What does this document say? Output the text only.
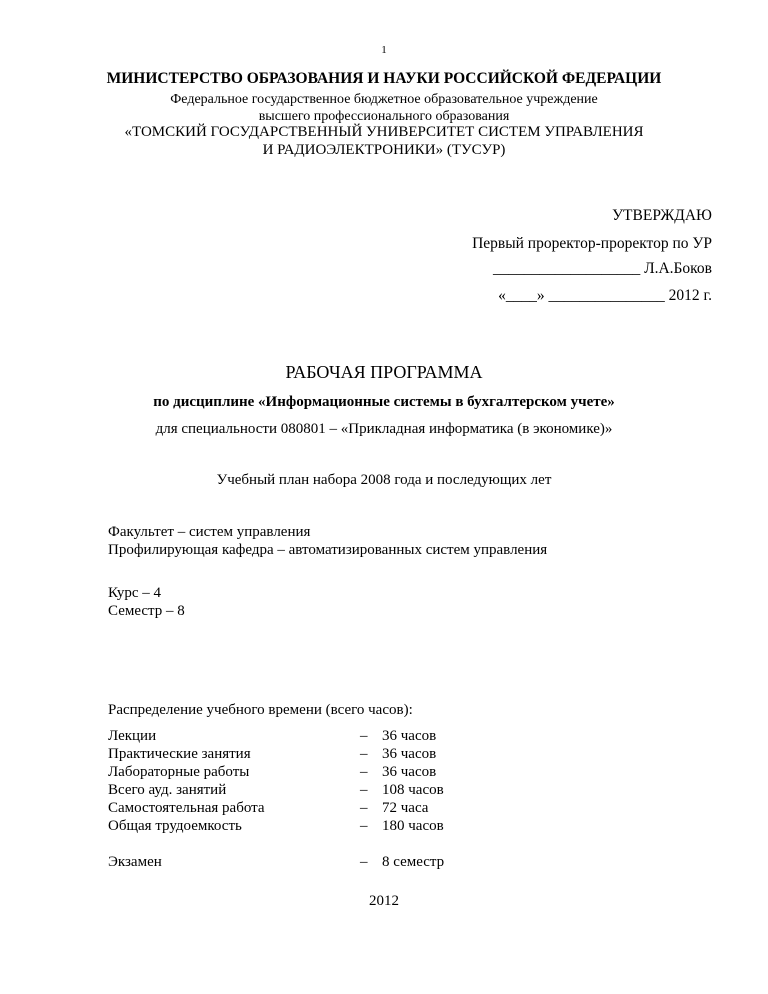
1
МИНИСТЕРСТВО ОБРАЗОВАНИЯ И НАУКИ РОССИЙСКОЙ ФЕДЕРАЦИИ
Федеральное государственное бюджетное образовательное учреждение
высшего профессионального образования
«ТОМСКИЙ ГОСУДАРСТВЕННЫЙ УНИВЕРСИТЕТ СИСТЕМ УПРАВЛЕНИЯ
И РАДИОЭЛЕКТРОНИКИ» (ТУСУР)
УТВЕРЖДАЮ
Первый проректор-проректор по УР
___________________ Л.А.Боков
«____» _______________ 2012 г.
РАБОЧАЯ ПРОГРАММА
по дисциплине «Информационные системы в бухгалтерском учете»
для специальности 080801 – «Прикладная информатика (в экономике)»
Учебный план набора 2008 года и последующих лет
Факультет – систем управления
Профилирующая кафедра – автоматизированных систем управления
Курс – 4
Семестр – 8
Распределение учебного времени (всего часов):
Лекции	– 36 часов
Практические занятия	– 36 часов
Лабораторные работы	– 36 часов
Всего ауд. занятий	– 108 часов
Самостоятельная работа	– 72 часа
Общая трудоемкость	– 180 часов
Экзамен	– 8 семестр
2012
